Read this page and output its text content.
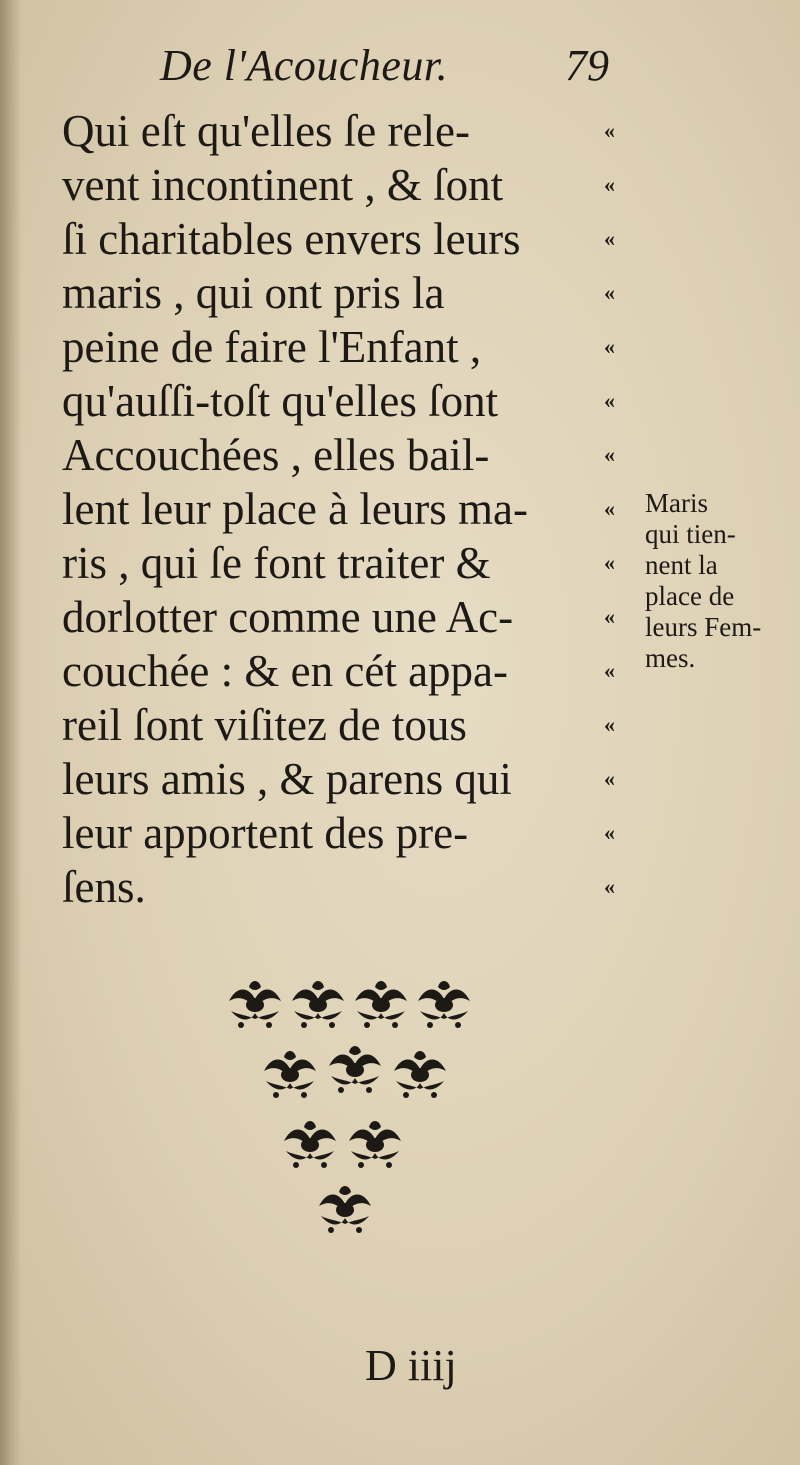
De l'Acoucheur.	79
Qui eſt qu'elles ſe rele-	«
vent incontinent , & ſont	«
ſi charitables envers leurs	«
maris , qui ont pris la	«
peine de faire l'Enfant ,	«
qu'auſſi-toſt qu'elles ſont	«
Accouchées , elles bail-	«
lent leur place à leurs ma-	«
ris , qui ſe font traiter &	«
dorlotter comme une Ac-	«
couchée : & en cét appa-	«
reil ſont viſitez de tous	«
leurs amis , & parens qui	«
leur apportent des pre-	«
ſens.	«
Maris
qui tien-
nent la
place de
leurs Fem-
mes.
D iiij
